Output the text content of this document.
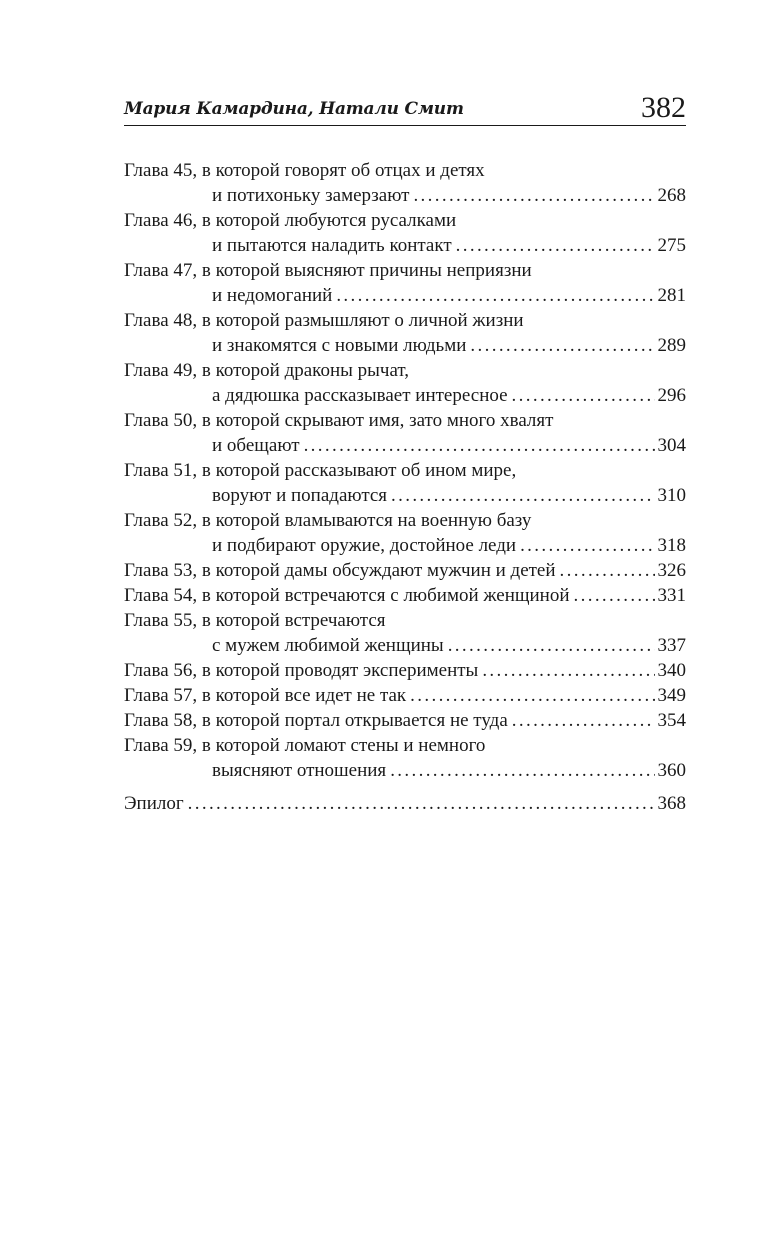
Мария Камардина, Натали Смит	382
Глава 45, в которой говорят об отцах и детях
и потихоньку замерзают . . .	268
Глава 46, в которой любуются русалками
и пытаются наладить контакт . . .	275
Глава 47, в которой выясняют причины неприязни
и недомоганий . . .	281
Глава 48, в которой размышляют о личной жизни
и знакомятся с новыми людьми . . .	289
Глава 49, в которой драконы рычат,
а дядюшка рассказывает интересное . . .	296
Глава 50, в которой скрывают имя, зато много хвалят
и обещают . . .	304
Глава 51, в которой рассказывают об ином мире,
воруют и попадаются . . .	310
Глава 52, в которой вламываются на военную базу
и подбирают оружие, достойное леди . . .	318
Глава 53, в которой дамы обсуждают мужчин и детей . . .	326
Глава 54, в которой встречаются с любимой женщиной . . .	331
Глава 55, в которой встречаются
с мужем любимой женщины . . .	337
Глава 56, в которой проводят эксперименты . . .	340
Глава 57, в которой все идет не так . . .	349
Глава 58, в которой портал открывается не туда . . .	354
Глава 59, в которой ломают стены и немного
выясняют отношения . . .	360
Эпилог . . .	368
